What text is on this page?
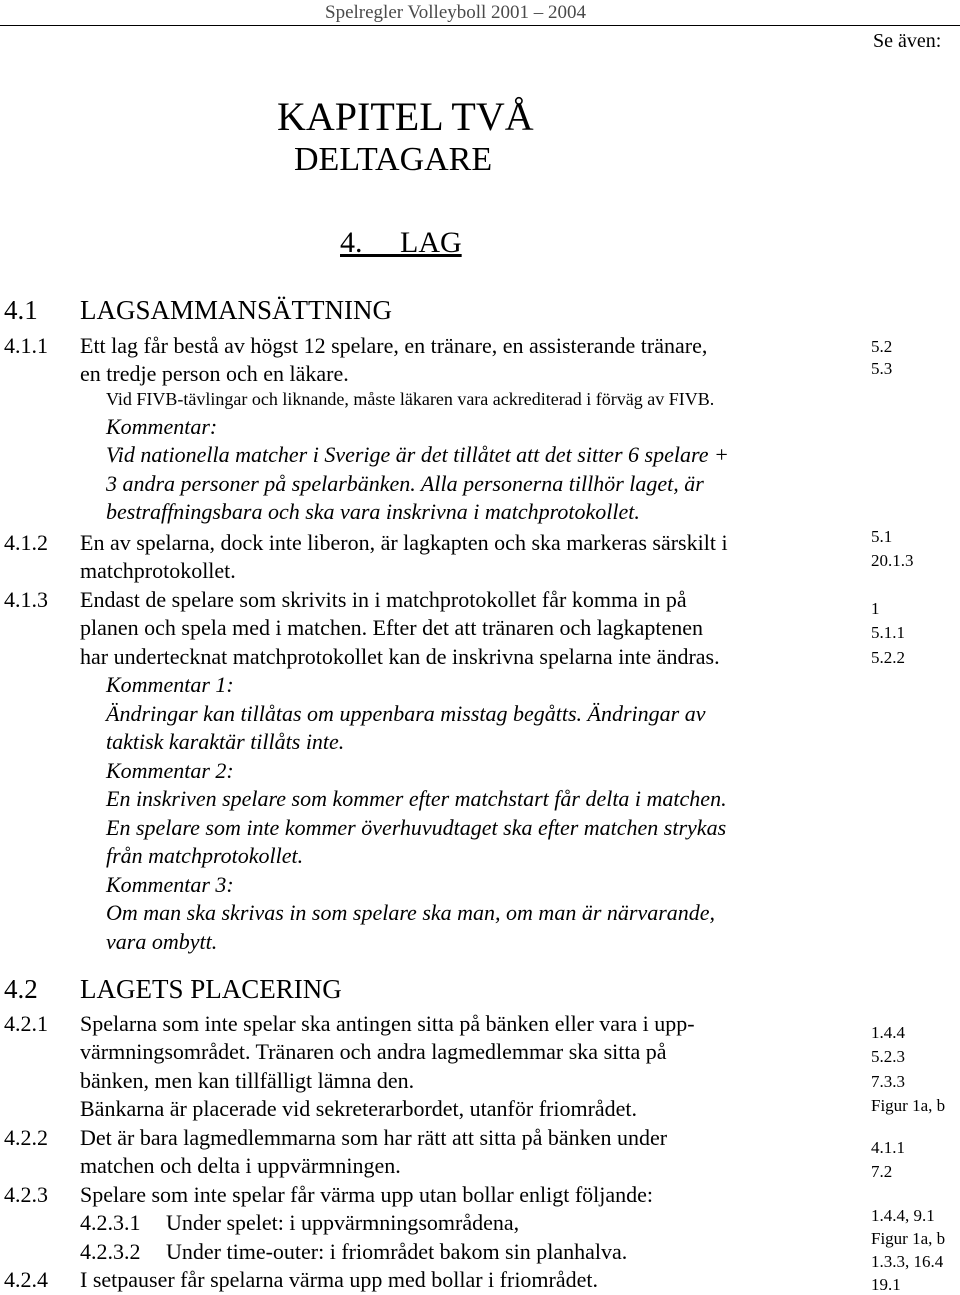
Spelregler Volleyboll 2001 – 2004
Se även:
KAPITEL TVÅ
DELTAGARE
4. LAG
4.1 LAGSAMMANSÄTTNING
4.1.1 Ett lag får bestå av högst 12 spelare, en tränare, en assisterande tränare,
en tredje person och en läkare.
Vid FIVB-tävlingar och liknande, måste läkaren vara ackrediterad i förväg av FIVB.
Kommentar:
Vid nationella matcher i Sverige är det tillåtet att det sitter 6 spelare +
3 andra personer på spelarbänken. Alla personerna tillhör laget, är
bestraffningsbara och ska vara inskrivna i matchprotokollet.
4.1.2 En av spelarna, dock inte liberon, är lagkapten och ska markeras särskilt i
matchprotokollet.
4.1.3 Endast de spelare som skrivits in i matchprotokollet får komma in på
planen och spela med i matchen. Efter det att tränaren och lagkaptenen
har undertecknat matchprotokollet kan de inskrivna spelarna inte ändras.
Kommentar 1:
Ändringar kan tillåtas om uppenbara misstag begåtts. Ändringar av
taktisk karaktär tillåts inte.
Kommentar 2:
En inskriven spelare som kommer efter matchstart får delta i matchen.
En spelare som inte kommer överhuvudtaget ska efter matchen strykas
från matchprotokollet.
Kommentar 3:
Om man ska skrivas in som spelare ska man, om man är närvarande,
vara ombytt.
4.2 LAGETS PLACERING
4.2.1 Spelarna som inte spelar ska antingen sitta på bänken eller vara i upp-
värmningsområdet. Tränaren och andra lagmedlemmar ska sitta på
bänken, men kan tillfälligt lämna den.
Bänkarna är placerade vid sekreterarbordet, utanför friområdet.
4.2.2 Det är bara lagmedlemmarna som har rätt att sitta på bänken under
matchen och delta i uppvärmningen.
4.2.3 Spelare som inte spelar får värma upp utan bollar enligt följande:
4.2.3.1 Under spelet: i uppvärmningsområdena,
4.2.3.2 Under time-outer: i friområdet bakom sin planhalva.
4.2.4 I setpauser får spelarna värma upp med bollar i friområdet.
5.2
5.3
5.1
20.1.3
1
5.1.1
5.2.2
1.4.4
5.2.3
7.3.3
Figur 1a, b
4.1.1
7.2
1.4.4, 9.1
Figur 1a, b
1.3.3, 16.4
19.1
